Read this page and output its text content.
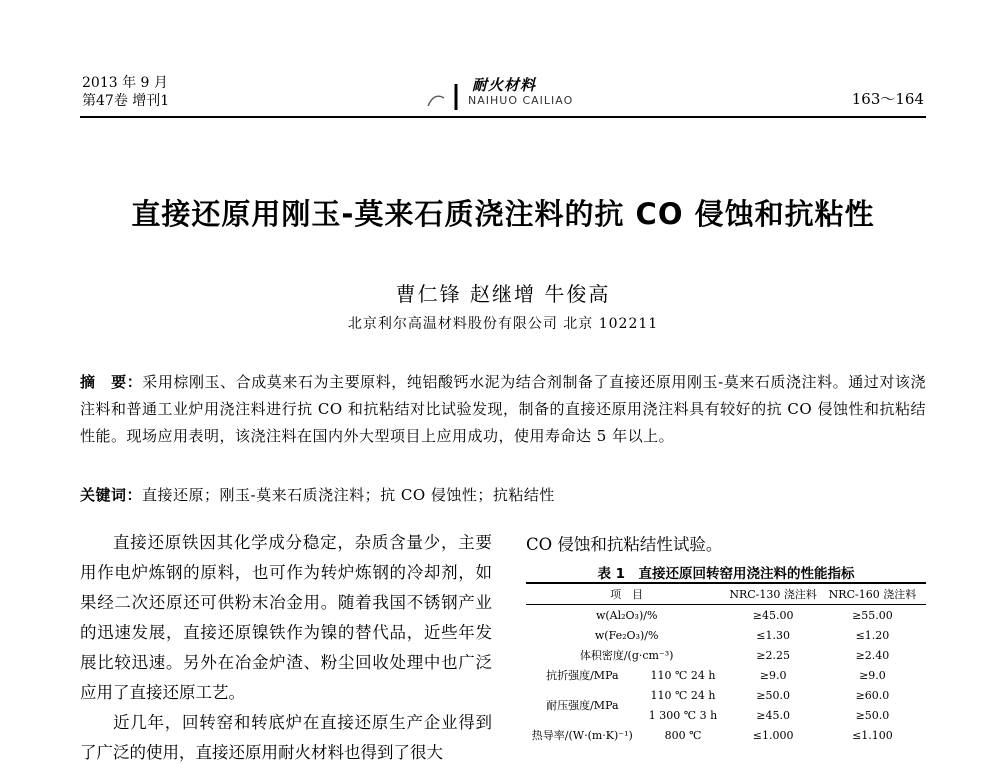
2013 年 9 月
第47卷 增刊1
耐火材料
NAIHUO CAILIAO	163～164
直接还原用刚玉-莫来石质浇注料的抗 CO 侵蚀和抗粘性
曹仁锋 赵继增 牛俊高
北京利尔高温材料股份有限公司 北京 102211
摘　要：采用棕刚玉、合成莫来石为主要原料，纯铝酸钙水泥为结合剂制备了直接还原用刚玉-莫来石质浇注料。通过对该浇注料和普通工业炉用浇注料进行抗 CO 和抗粘结对比试验发现，制备的直接还原用浇注料具有较好的抗 CO 侵蚀性和抗粘结性能。现场应用表明，该浇注料在国内外大型项目上应用成功，使用寿命达 5 年以上。
关键词：直接还原；刚玉-莫来石质浇注料；抗 CO 侵蚀性；抗粘结性

直接还原铁因其化学成分稳定，杂质含量少，主要用作电炉炼钢的原料，也可作为转炉炼钢的冷却剂，如果经二次还原还可供粉末冶金用。随着我国不锈钢产业的迅速发展，直接还原镍铁作为镍的替代品，近些年发展比较迅速。另外在冶金炉渣、粉尘回收处理中也广泛应用了直接还原工艺。

近几年，回转窑和转底炉在直接还原生产企业得到了广泛的使用，直接还原用耐火材料也得到了很大

CO 侵蚀和抗粘结性试验。
表 1　直接还原回转窑用浇注料的性能指标
项　目		NRC-130 浇注料	NRC-160 浇注料
w(Al₂O₃)/%		≥45.00	≥55.00
w(Fe₂O₃)/%		≤1.30	≤1.20
体积密度/(g·cm⁻³)		≥2.25	≥2.40
抗折强度/MPa	110 ℃ 24 h	≥9.0	≥9.0
耐压强度/MPa	110 ℃ 24 h	≥50.0	≥60.0
	1 300 ℃ 3 h	≥45.0	≥50.0
热导率/(W·(m·K)⁻¹)	800 ℃	≤1.000	≤1.100
